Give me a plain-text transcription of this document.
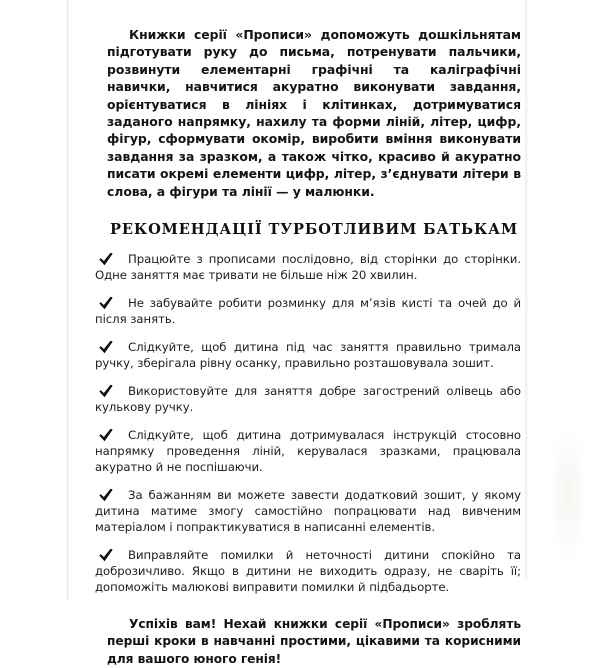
Книжки серії «Прописи» допоможуть дошкільнятам підготувати руку до письма, потренувати пальчики, розвинути елементарні графічні та каліграфічні навички, навчитися акуратно виконувати завдання, орієнтуватися в лініях і клітинках, дотримуватися заданого напрямку, нахилу та форми ліній, літер, цифр, фігур, сформувати окомір, виробити вміння виконувати завдання за зразком, а також чітко, красиво й акуратно писати окремі елементи цифр, літер, з’єднувати літери в слова, а фігури та лінії — у малюнки.

РЕКОМЕНДАЦІЇ ТУРБОТЛИВИМ БАТЬКАМ
Працюйте з прописами послідовно, від сторінки до сторінки. Одне заняття має тривати не більше ніж 20 хвилин.
Не забувайте робити розминку для м’язів кисті та очей до й після занять.
Слідкуйте, щоб дитина під час заняття правильно тримала ручку, зберігала рівну осанку, правильно розташовувала зошит.
Використовуйте для заняття добре загострений олівець або кулькову ручку.
Слідкуйте, щоб дитина дотримувалася інструкцій стосовно напрямку проведення ліній, керувалася зразками, працювала акуратно й не поспішаючи.
За бажанням ви можете завести додатковий зошит, у якому дитина матиме змогу самостійно попрацювати над вивченим матеріалом і попрактикуватися в написанні елементів.
Виправляйте помилки й неточності дитини спокійно та доброзичливо. Якщо в дитини не виходить одразу, не сваріть її; допоможіть малюкові виправити помилки й підбадьорте.

Успіхів вам! Нехай книжки серії «Прописи» зроблять перші кроки в навчанні простими, цікавими та корисними для вашого юного генія!
